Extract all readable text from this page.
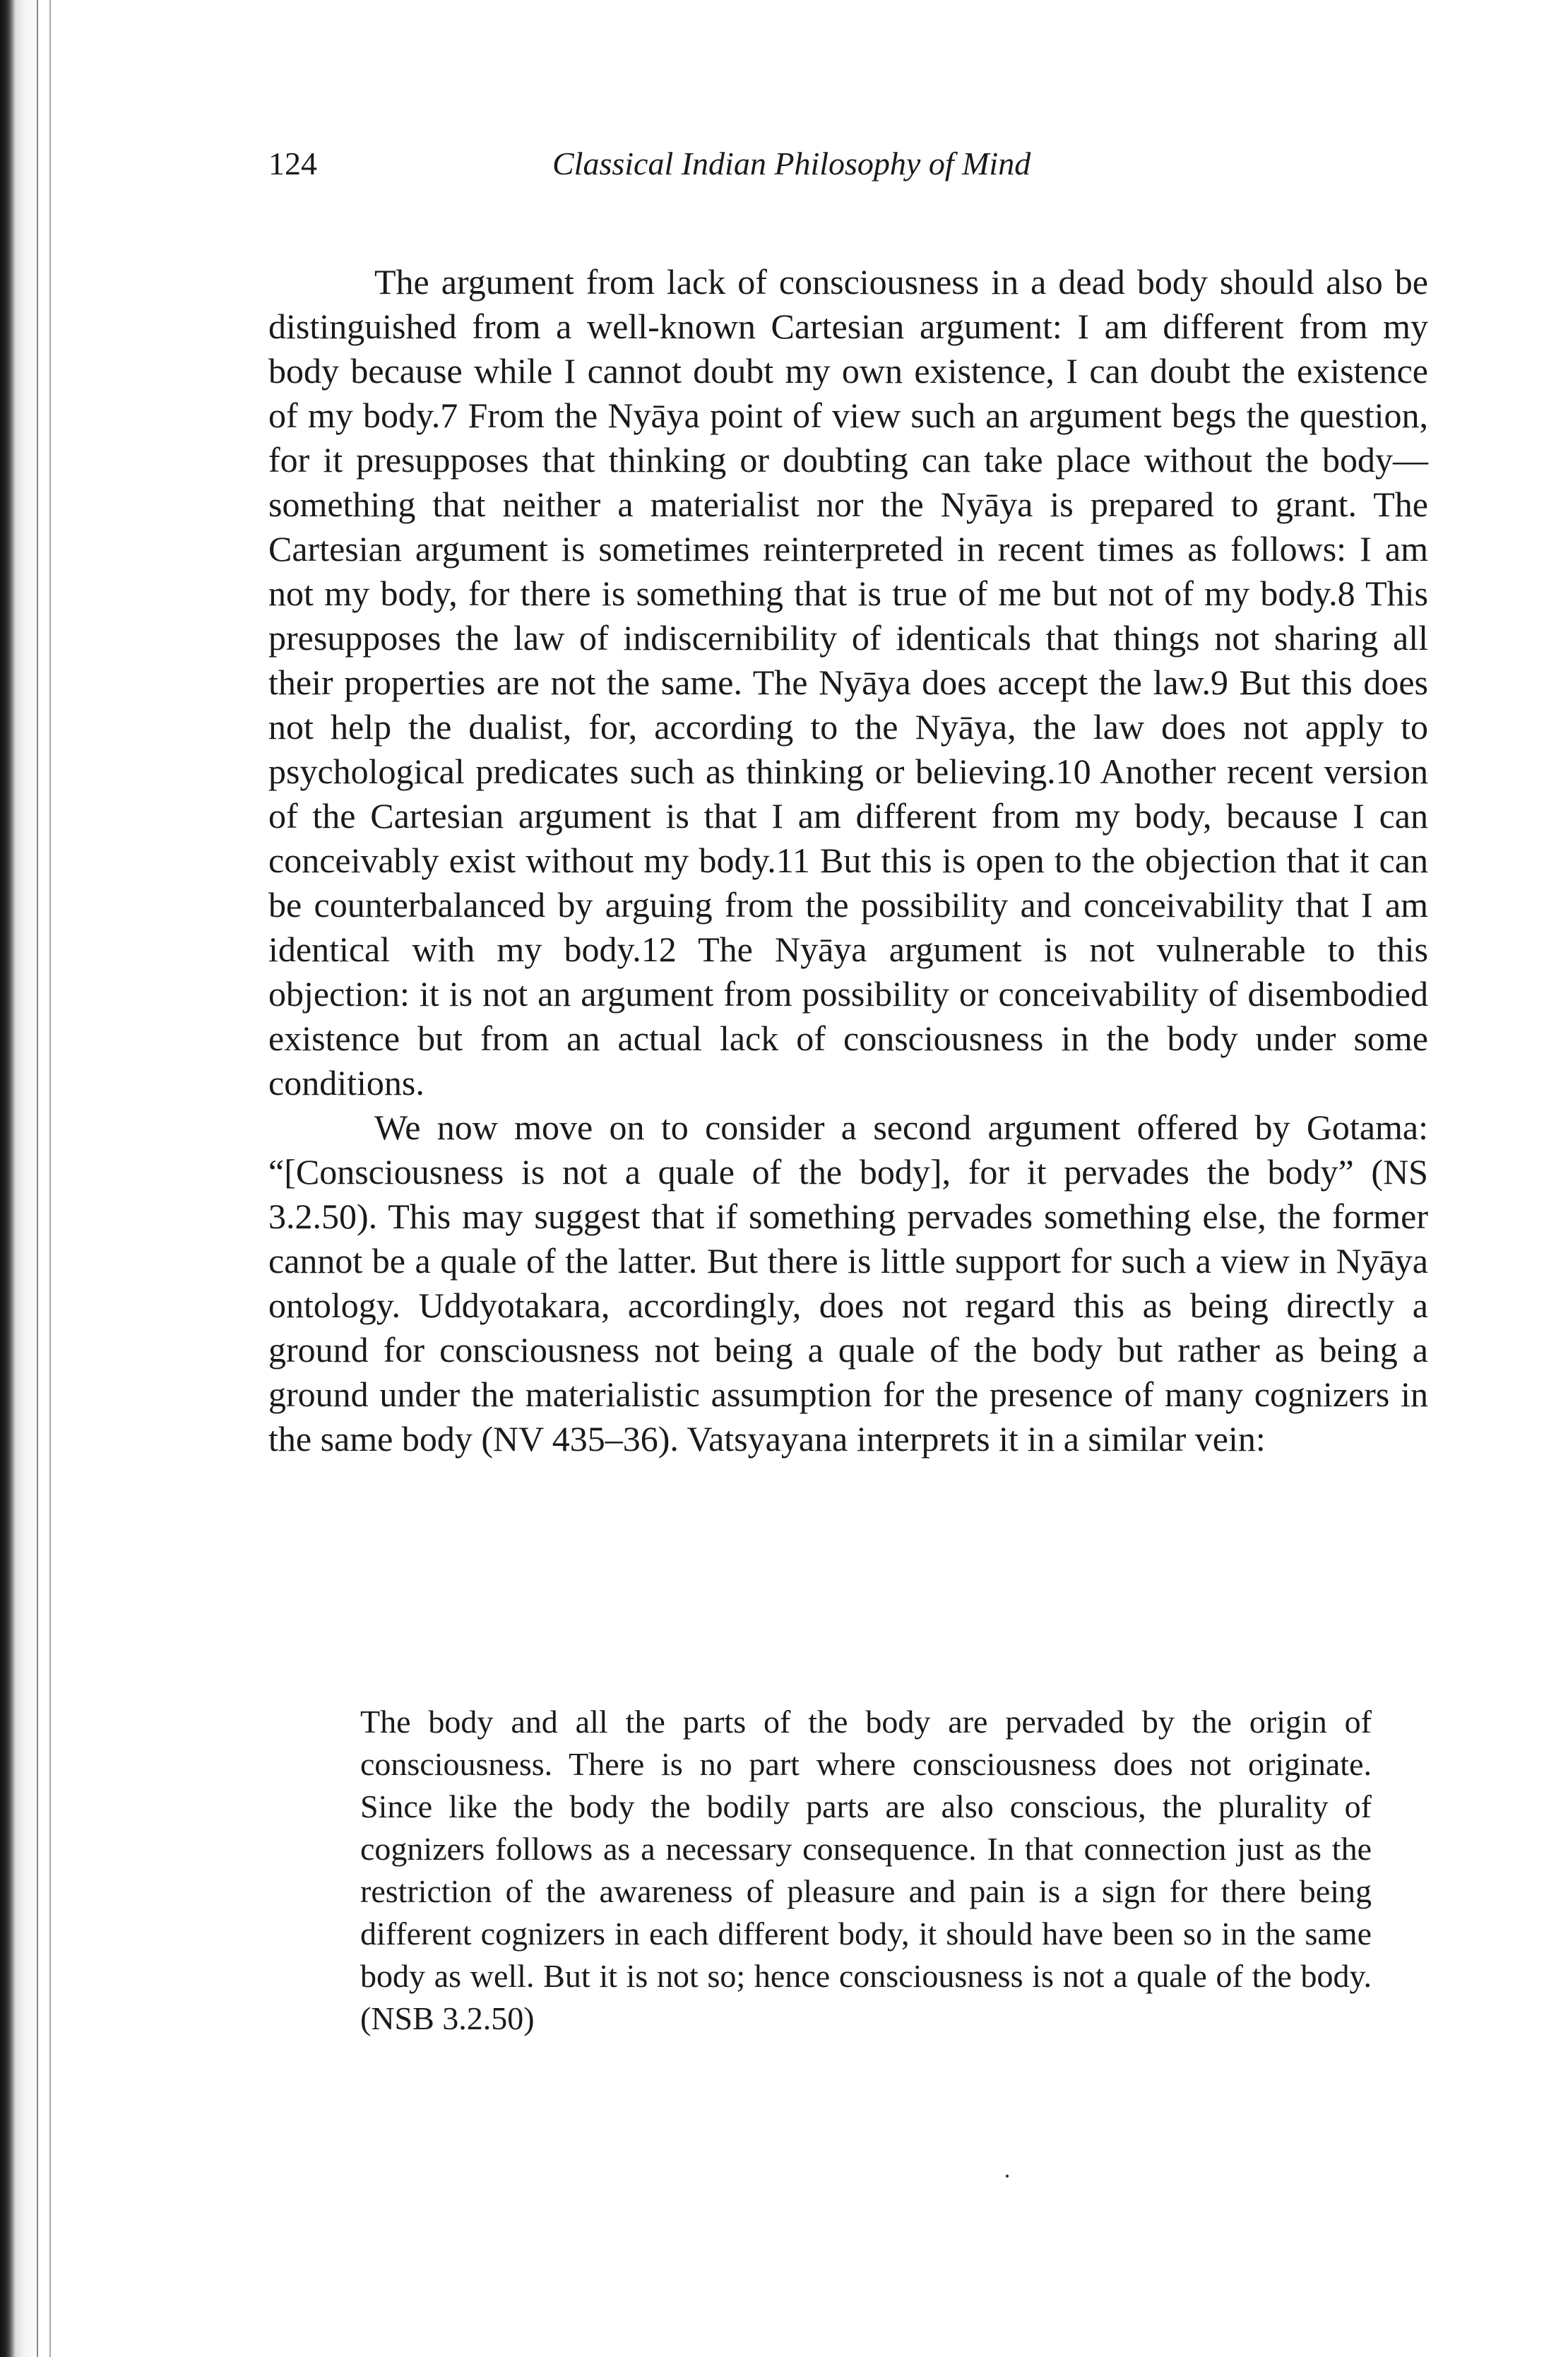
124	Classical Indian Philosophy of Mind

The argument from lack of consciousness in a dead body should also be distinguished from a well-known Cartesian argument: I am different from my body because while I cannot doubt my own existence, I can doubt the existence of my body.7 From the Nyāya point of view such an argument begs the question, for it presupposes that thinking or doubting can take place without the body—something that neither a materialist nor the Nyāya is prepared to grant. The Cartesian argument is sometimes reinterpreted in recent times as follows: I am not my body, for there is something that is true of me but not of my body.8 This presupposes the law of indiscernibility of identicals that things not sharing all their properties are not the same. The Nyāya does accept the law.9 But this does not help the dualist, for, according to the Nyāya, the law does not apply to psychological predicates such as thinking or believing.10 Another recent version of the Cartesian argument is that I am different from my body, because I can conceivably exist without my body.11 But this is open to the objection that it can be counterbalanced by arguing from the possibility and conceivability that I am identical with my body.12 The Nyāya argument is not vulnerable to this objection: it is not an argument from possibility or conceivability of disembodied existence but from an actual lack of consciousness in the body under some conditions.

We now move on to consider a second argument offered by Gotama: “[Consciousness is not a quale of the body], for it pervades the body” (NS 3.2.50). This may suggest that if something pervades something else, the former cannot be a quale of the latter. But there is little support for such a view in Nyāya ontology. Uddyotakara, accordingly, does not regard this as being directly a ground for consciousness not being a quale of the body but rather as being a ground under the materialistic assumption for the presence of many cognizers in the same body (NV 435–36). Vatsyayana interprets it in a similar vein:

The body and all the parts of the body are pervaded by the origin of consciousness. There is no part where consciousness does not originate. Since like the body the bodily parts are also conscious, the plurality of cognizers follows as a necessary consequence. In that connection just as the restriction of the awareness of pleasure and pain is a sign for there being different cognizers in each different body, it should have been so in the same body as well. But it is not so; hence consciousness is not a quale of the body. (NSB 3.2.50)

·
